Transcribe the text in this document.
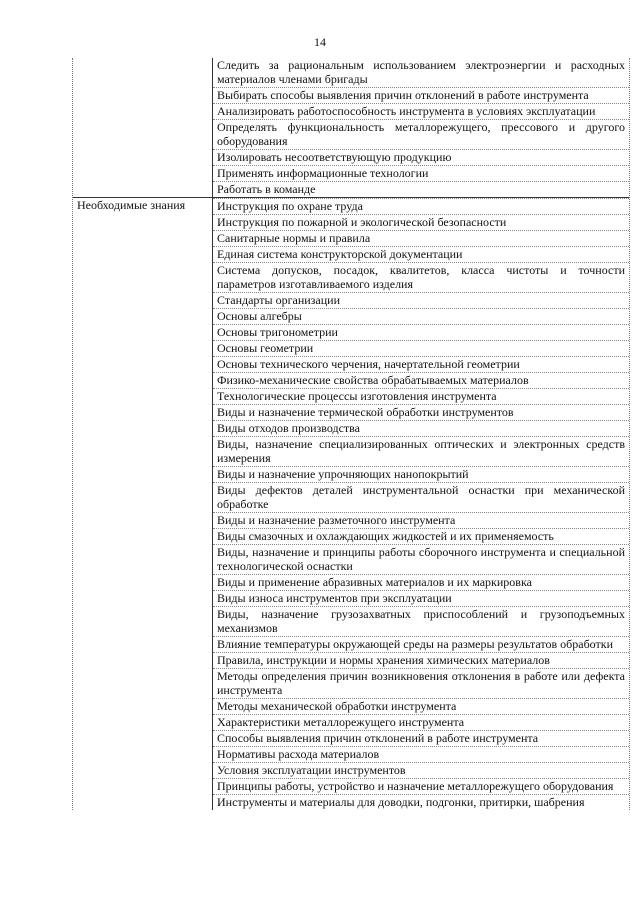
14
Следить за рациональным использованием электроэнергии и расходных материалов членами бригады
Выбирать способы выявления причин отклонений в работе инструмента
Анализировать работоспособность инструмента в условиях эксплуатации
Определять функциональность металлорежущего, прессового и другого оборудования
Изолировать несоответствующую продукцию
Применять информационные технологии
Работать в команде
Необходимые знания	Инструкция по охране труда
Инструкция по пожарной и экологической безопасности
Санитарные нормы и правила
Единая система конструкторской документации
Система допусков, посадок, квалитетов, класса чистоты и точности параметров изготавливаемого изделия
Стандарты организации
Основы алгебры
Основы тригонометрии
Основы геометрии
Основы технического черчения, начертательной геометрии
Физико-механические свойства обрабатываемых материалов
Технологические процессы изготовления инструмента
Виды и назначение термической обработки инструментов
Виды отходов производства
Виды, назначение специализированных оптических и электронных средств измерения
Виды и назначение упрочняющих нанопокрытий
Виды дефектов деталей инструментальной оснастки при механической обработке
Виды и назначение разметочного инструмента
Виды смазочных и охлаждающих жидкостей и их применяемость
Виды, назначение и принципы работы сборочного инструмента и специальной технологической оснастки
Виды и применение абразивных материалов и их маркировка
Виды износа инструментов при эксплуатации
Виды, назначение грузозахватных приспособлений и грузоподъемных механизмов
Влияние температуры окружающей среды на размеры результатов обработки
Правила, инструкции и нормы хранения химических материалов
Методы определения причин возникновения отклонения в работе или дефекта инструмента
Методы механической обработки инструмента
Характеристики металлорежущего инструмента
Способы выявления причин отклонений в работе инструмента
Нормативы расхода материалов
Условия эксплуатации инструментов
Принципы работы, устройство и назначение металлорежущего оборудования
Инструменты и материалы для доводки, подгонки, притирки, шабрения
